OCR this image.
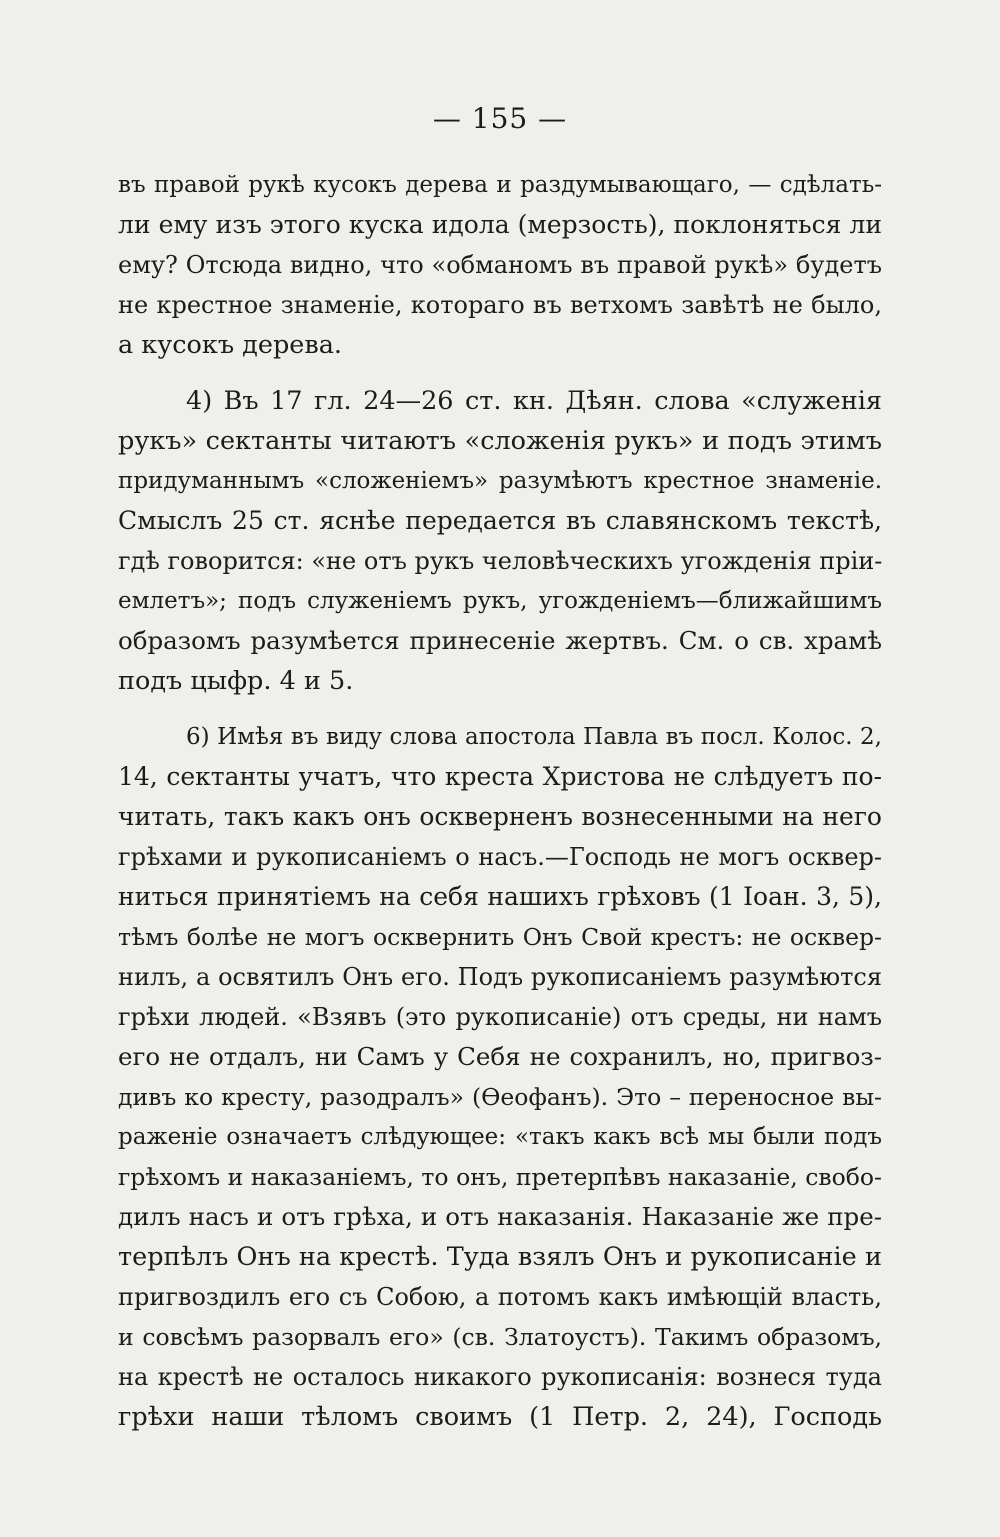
— 155 —
въ правой рукѣ кусокъ дерева и раздумывающаго, — сдѣлать-
ли ему изъ этого куска идола (мерзость), поклоняться ли
ему? Отсюда видно, что «обманомъ въ правой рукѣ» будетъ
не крестное знаменіе, котораго въ ветхомъ завѣтѣ не было,
а кусокъ дерева.
4) Въ 17 гл. 24—26 ст. кн. Дѣян. слова «служенія
рукъ» сектанты читаютъ «сложенія рукъ» и подъ этимъ
придуманнымъ «сложеніемъ» разумѣютъ крестное знаменіе.
Смыслъ 25 ст. яснѣе передается въ славянскомъ текстѣ,
гдѣ говорится: «не отъ рукъ человѣческихъ угожденія пріи-
емлетъ»; подъ служеніемъ рукъ, угожденіемъ—ближайшимъ
образомъ разумѣется принесеніе жертвъ. См. о св. храмѣ
подъ цыфр. 4 и 5.
6) Имѣя въ виду слова апостола Павла въ посл. Колос. 2,
14, сектанты учатъ, что креста Христова не слѣдуетъ по-
читать, такъ какъ онъ оскверненъ вознесенными на него
грѣхами и рукописаніемъ о насъ.—Господь не могъ осквер-
ниться принятіемъ на себя нашихъ грѣховъ (1 Іоан. 3, 5),
тѣмъ болѣе не могъ осквернить Онъ Свой крестъ: не осквер-
нилъ, а освятилъ Онъ его. Подъ рукописаніемъ разумѣются
грѣхи людей. «Взявъ (это рукописаніе) отъ среды, ни намъ
его не отдалъ, ни Самъ у Себя не сохранилъ, но, пригвоз-
дивъ ко кресту, разодралъ» (Ѳеофанъ). Это – переносное вы-
раженіе означаетъ слѣдующее: «такъ какъ всѣ мы были подъ
грѣхомъ и наказаніемъ, то онъ, претерпѣвъ наказаніе, свобо-
дилъ насъ и отъ грѣха, и отъ наказанія. Наказаніе же пре-
терпѣлъ Онъ на крестѣ. Туда взялъ Онъ и рукописаніе и
пригвоздилъ его съ Собою, а потомъ какъ имѣющій власть,
и совсѣмъ разорвалъ его» (св. Златоустъ). Такимъ образомъ,
на крестѣ не осталось никакого рукописанія: вознеся туда
грѣхи наши тѣломъ своимъ (1 Петр. 2, 24), Господь
